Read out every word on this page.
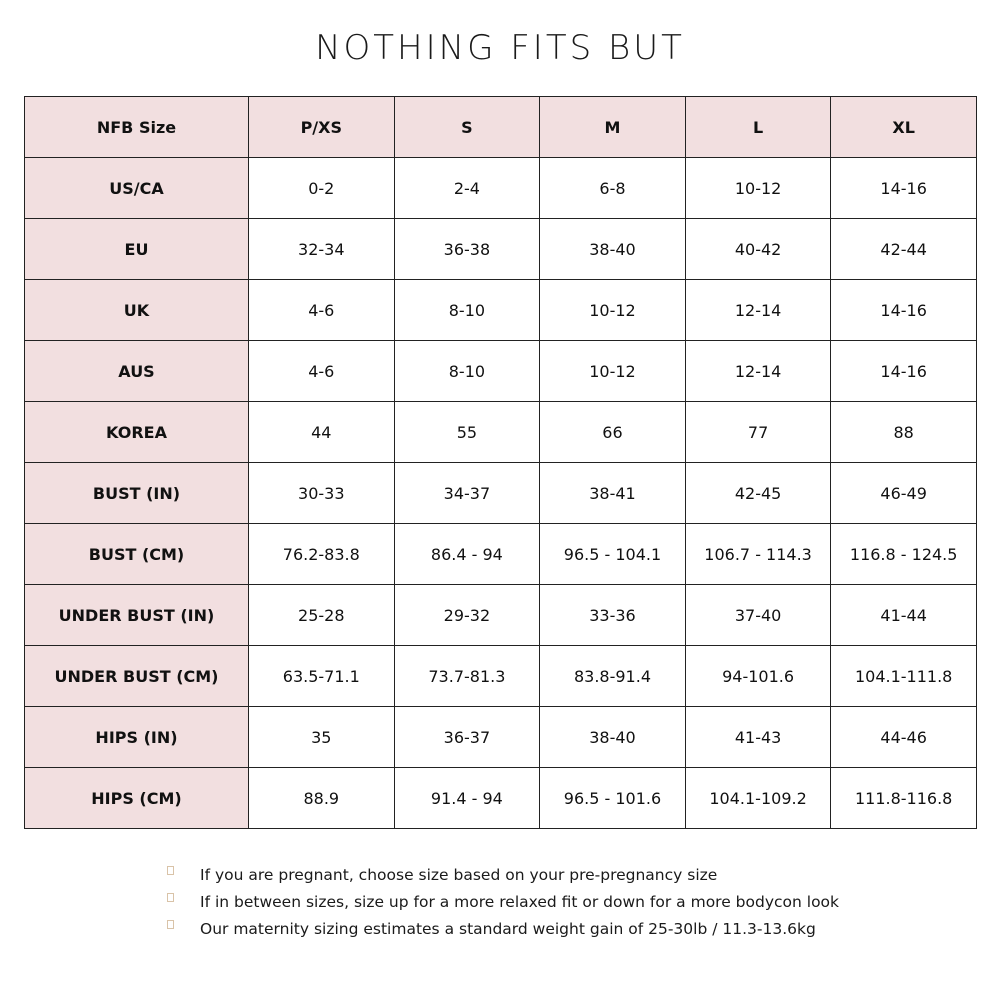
NOTHING FITS BUT
NFB Size	P/XS	S	M	L	XL
US/CA	0-2	2-4	6-8	10-12	14-16
EU	32-34	36-38	38-40	40-42	42-44
UK	4-6	8-10	10-12	12-14	14-16
AUS	4-6	8-10	10-12	12-14	14-16
KOREA	44	55	66	77	88
BUST (IN)	30-33	34-37	38-41	42-45	46-49
BUST (CM)	76.2-83.8	86.4 - 94	96.5 - 104.1	106.7 - 114.3	116.8 - 124.5
UNDER BUST (IN)	25-28	29-32	33-36	37-40	41-44
UNDER BUST (CM)	63.5-71.1	73.7-81.3	83.8-91.4	94-101.6	104.1-111.8
HIPS (IN)	35	36-37	38-40	41-43	44-46
HIPS (CM)	88.9	91.4 - 94	96.5 - 101.6	104.1-109.2	111.8-116.8
If you are pregnant, choose size based on your pre-pregnancy size
If in between sizes, size up for a more relaxed fit or down for a more bodycon look
Our maternity sizing estimates a standard weight gain of 25-30lb / 11.3-13.6kg
